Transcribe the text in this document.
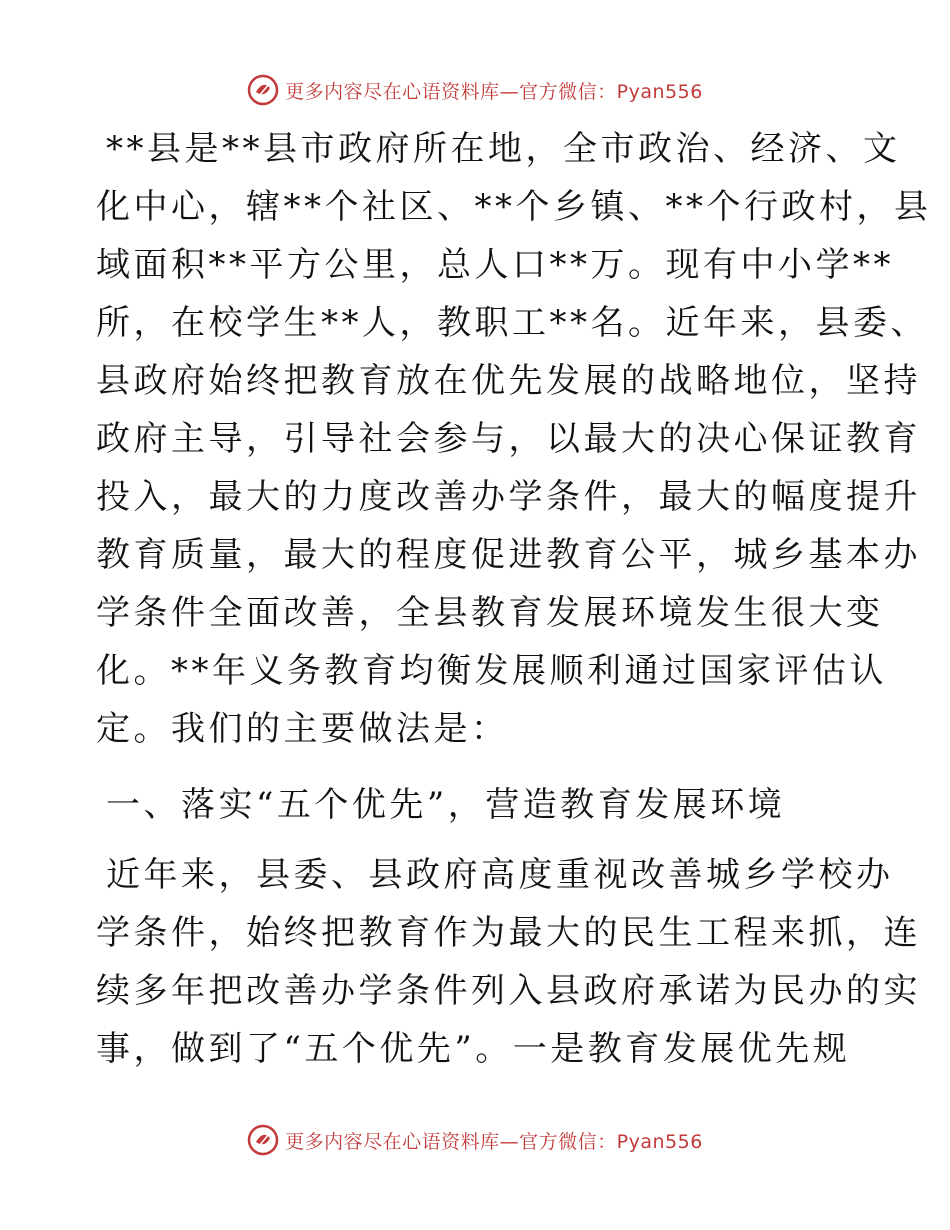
更多内容尽在心语资料库—官方微信：Pyan556
**县是**县市政府所在地，全市政治、经济、文
化中心，辖**个社区、**个乡镇、**个行政村，县
域面积**平方公里，总人口**万。现有中小学**
所，在校学生**人，教职工**名。近年来，县委、
县政府始终把教育放在优先发展的战略地位，坚持
政府主导，引导社会参与，以最大的决心保证教育
投入，最大的力度改善办学条件，最大的幅度提升
教育质量，最大的程度促进教育公平，城乡基本办
学条件全面改善，全县教育发展环境发生很大变
化。**年义务教育均衡发展顺利通过国家评估认
定。我们的主要做法是：
一、落实“五个优先”，营造教育发展环境
近年来，县委、县政府高度重视改善城乡学校办
学条件，始终把教育作为最大的民生工程来抓，连
续多年把改善办学条件列入县政府承诺为民办的实
事，做到了“五个优先”。一是教育发展优先规
更多内容尽在心语资料库—官方微信：Pyan556
